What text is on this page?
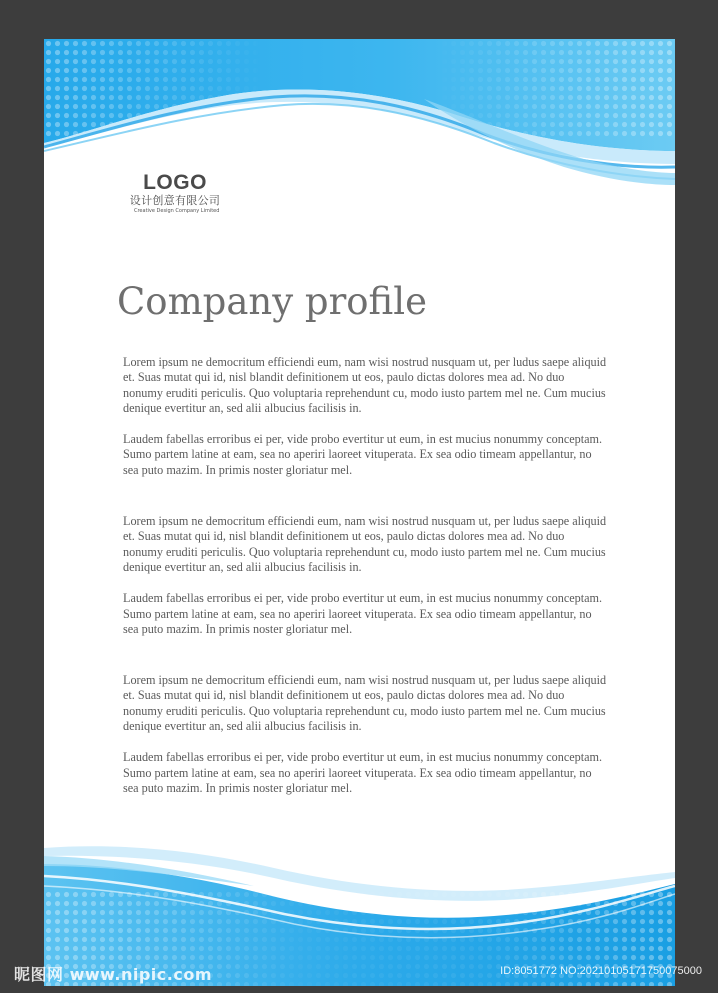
LOGO
设计创意有限公司
Creative Design Company Limited
Company profile

Lorem ipsum ne democritum efficiendi eum, nam wisi nostrud nusquam ut, per ludus saepe aliquid et. Suas mutat qui id, nisl blandit definitionem ut eos, paulo dictas dolores mea ad. No duo nonumy eruditi periculis. Quo voluptaria reprehendunt cu, modo iusto partem mel ne. Cum mucius denique evertitur an, sed alii albucius facilisis in.

Laudem fabellas erroribus ei per, vide probo evertitur ut eum, in est mucius nonummy conceptam. Sumo partem latine at eam, sea no aperiri laoreet vituperata. Ex sea odio timeam appellantur, no sea puto mazim. In primis noster gloriatur mel.

Lorem ipsum ne democritum efficiendi eum, nam wisi nostrud nusquam ut, per ludus saepe aliquid et. Suas mutat qui id, nisl blandit definitionem ut eos, paulo dictas dolores mea ad. No duo nonumy eruditi periculis. Quo voluptaria reprehendunt cu, modo iusto partem mel ne. Cum mucius denique evertitur an, sed alii albucius facilisis in.

Laudem fabellas erroribus ei per, vide probo evertitur ut eum, in est mucius nonummy conceptam. Sumo partem latine at eam, sea no aperiri laoreet vituperata. Ex sea odio timeam appellantur, no sea puto mazim. In primis noster gloriatur mel.

Lorem ipsum ne democritum efficiendi eum, nam wisi nostrud nusquam ut, per ludus saepe aliquid et. Suas mutat qui id, nisl blandit definitionem ut eos, paulo dictas dolores mea ad. No duo nonumy eruditi periculis. Quo voluptaria reprehendunt cu, modo iusto partem mel ne. Cum mucius denique evertitur an, sed alii albucius facilisis in.

Laudem fabellas erroribus ei per, vide probo evertitur ut eum, in est mucius nonummy conceptam. Sumo partem latine at eam, sea no aperiri laoreet vituperata. Ex sea odio timeam appellantur, no sea puto mazim. In primis noster gloriatur mel.

昵图网 www.nipic.com	ID:8051772 NO:20210105171750075000
